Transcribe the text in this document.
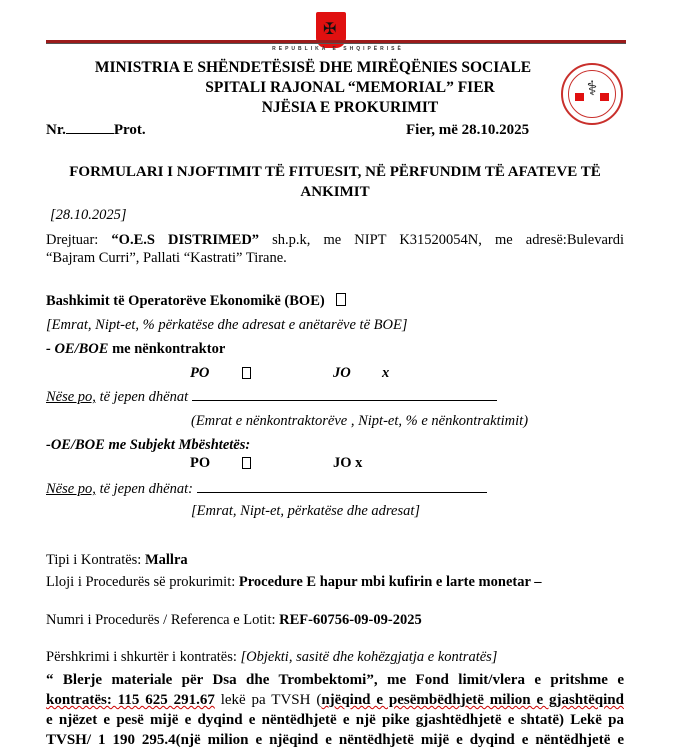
✠
REPUBLIKA E SHQIPËRISË
MINISTRIA E SHËNDETËSISË DHE MIRËQËNIES SOCIALE
SPITALI RAJONAL “MEMORIAL” FIER
NJËSIA E PROKURIMIT
Nr.	Prot.	Fier, më 28.10.2025
⚕
FORMULARI I NJOFTIMIT TË FITUESIT, NË PËRFUNDIM TË AFATEVE TË
ANKIMIT
[28.10.2025]
Drejtuar: “O.E.S DISTRIMED” sh.p.k, me NIPT K31520054N, me adresë:Bulevardi
“Bajram Curri”, Pallati “Kastrati” Tirane.
Bashkimit të Operatorëve Ekonomikë (BOE)
[Emrat, Nipt-et, % përkatëse dhe adresat e anëtarëve të BOE]
- OE/BOE me nënkontraktor
PO	JO x
Nëse po, të jepen dhënat
(Emrat e nënkontraktorëve , Nipt-et, % e nënkontraktimit)
-OE/BOE me Subjekt Mbështetës:
PO	JO x
Nëse po, të jepen dhënat:
[Emrat, Nipt-et, përkatëse dhe adresat]
Tipi i Kontratës: Mallra
Lloji i Procedurës së prokurimit: Procedure E hapur mbi kufirin e larte monetar –
Numri i Procedurës / Referenca e Lotit: REF-60756-09-09-2025
Përshkrimi i shkurtër i kontratës: [Objekti, sasitë dhe kohëzgjatja e kontratës]
“ Blerje materiale për Dsa dhe Trombektomi”, me Fond limit/vlera e pritshme e
kontratës: 115 625 291.67 lekë pa TVSH (njëqind e pesëmbëdhjetë milion e gjashtëqind
e njëzet e pesë mijë e dyqind e nëntëdhjetë e një pike gjashtëdhjetë e shtatë) Lekë pa
TVSH/ 1 190 295.4(një milion e njëqind e nëntëdhjetë mijë e dyqind e nëntëdhjetë e
